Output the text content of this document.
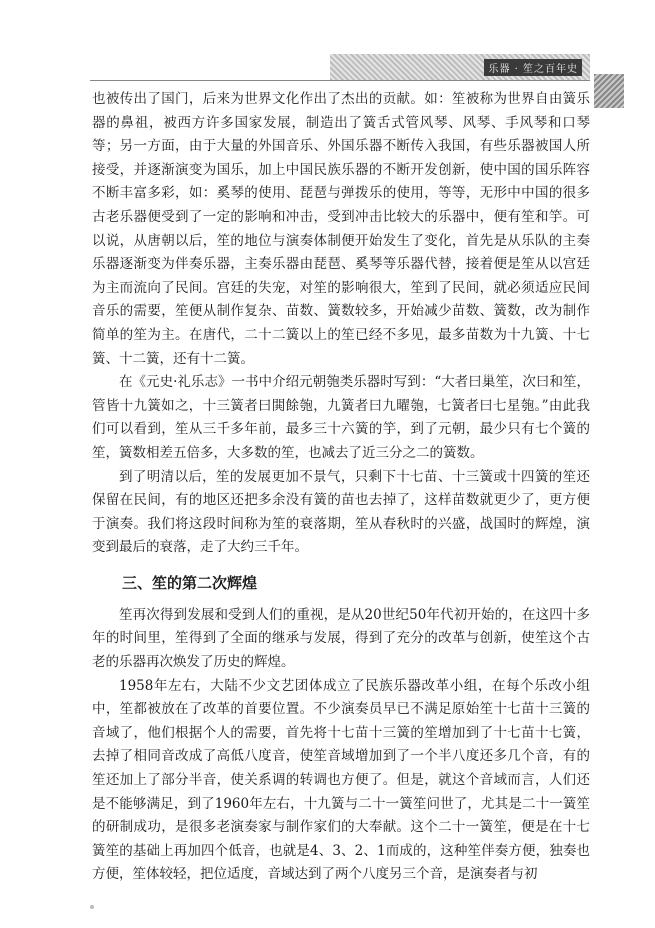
乐器 · 笙之百年史

也被传出了国门，后来为世界文化作出了杰出的贡献。如：笙被称为世界自由簧乐器的鼻祖，被西方许多国家发展，制造出了簧舌式管风琴、风琴、手风琴和口琴等；另一方面，由于大量的外国音乐、外国乐器不断传入我国，有些乐器被国人所接受，并逐渐演变为国乐，加上中国民族乐器的不断开发创新，使中国的国乐阵容不断丰富多彩，如：奚琴的使用、琵琶与弹拨乐的使用，等等，无形中中国的很多古老乐器便受到了一定的影响和冲击，受到冲击比较大的乐器中，便有笙和竽。可以说，从唐朝以后，笙的地位与演奏体制便开始发生了变化，首先是从乐队的主奏乐器逐渐变为伴奏乐器，主奏乐器由琵琶、奚琴等乐器代替，接着便是笙从以宫廷为主而流向了民间。宫廷的失宠，对笙的影响很大，笙到了民间，就必须适应民间音乐的需要，笙便从制作复杂、苗数、簧数较多，开始减少苗数、簧数，改为制作简单的笙为主。在唐代，二十二簧以上的笙已经不多见，最多苗数为十九簧、十七簧、十二簧，还有十二簧。

在《元史·礼乐志》一书中介绍元朝匏类乐器时写到：“大者曰巢笙，次曰和笙，管皆十九簧如之，十三簧者曰閧餘匏，九簧者曰九曜匏，七簧者曰七星匏。”由此我们可以看到，笙从三千多年前，最多三十六簧的竽，到了元朝，最少只有七个簧的笙，簧数相差五倍多，大多数的笙，也减去了近三分之二的簧数。

到了明清以后，笙的发展更加不景气，只剩下十七苗、十三簧或十四簧的笙还保留在民间，有的地区还把多余没有簧的苗也去掉了，这样苗数就更少了，更方便于演奏。我们将这段时间称为笙的衰落期，笙从春秋时的兴盛，战国时的辉煌，演变到最后的衰落，走了大约三千年。

三、笙的第二次辉煌

笙再次得到发展和受到人们的重视，是从20世纪50年代初开始的，在这四十多年的时间里，笙得到了全面的继承与发展，得到了充分的改革与创新，使笙这个古老的乐器再次焕发了历史的辉煌。

1958年左右，大陆不少文艺团体成立了民族乐器改革小组，在每个乐改小组中，笙都被放在了改革的首要位置。不少演奏员早已不满足原始笙十七苗十三簧的音域了，他们根据个人的需要，首先将十七苗十三簧的笙增加到了十七苗十七簧，去掉了相同音改成了高低八度音，使笙音域增加到了一个半八度还多几个音，有的笙还加上了部分半音，使关系调的转调也方便了。但是，就这个音域而言，人们还是不能够满足，到了1960年左右，十九簧与二十一簧笙问世了，尤其是二十一簧笙的研制成功，是很多老演奏家与制作家们的大奉献。这个二十一簧笙，便是在十七簧笙的基础上再加四个低音，也就是4、3、2、1而成的，这种笙伴奏方便，独奏也方便，笙体较轻，把位适度，音域达到了两个八度另三个音，是演奏者与初
